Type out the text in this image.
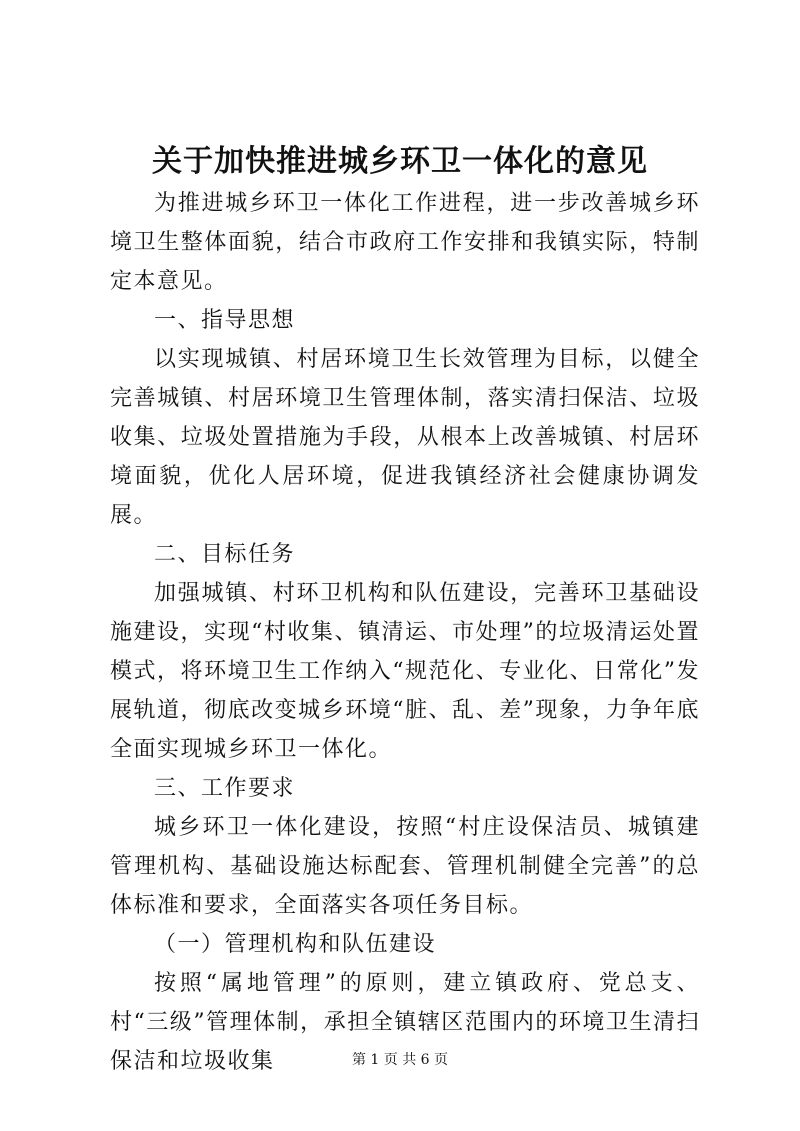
关于加快推进城乡环卫一体化的意见

为推进城乡环卫一体化工作进程，进一步改善城乡环境卫生整体面貌，结合市政府工作安排和我镇实际，特制定本意见。

一、指导思想

以实现城镇、村居环境卫生长效管理为目标，以健全完善城镇、村居环境卫生管理体制，落实清扫保洁、垃圾收集、垃圾处置措施为手段，从根本上改善城镇、村居环境面貌，优化人居环境，促进我镇经济社会健康协调发展。

二、目标任务

加强城镇、村环卫机构和队伍建设，完善环卫基础设施建设，实现“村收集、镇清运、市处理”的垃圾清运处置模式，将环境卫生工作纳入“规范化、专业化、日常化”发展轨道，彻底改变城乡环境“脏、乱、差”现象，力争年底全面实现城乡环卫一体化。

三、工作要求

城乡环卫一体化建设，按照“村庄设保洁员、城镇建管理机构、基础设施达标配套、管理机制健全完善”的总体标准和要求，全面落实各项任务目标。

（一）管理机构和队伍建设

按照“属地管理”的原则，建立镇政府、党总支、村“三级”管理体制，承担全镇辖区范围内的环境卫生清扫保洁和垃圾收集	第 1 页 共 6 页
